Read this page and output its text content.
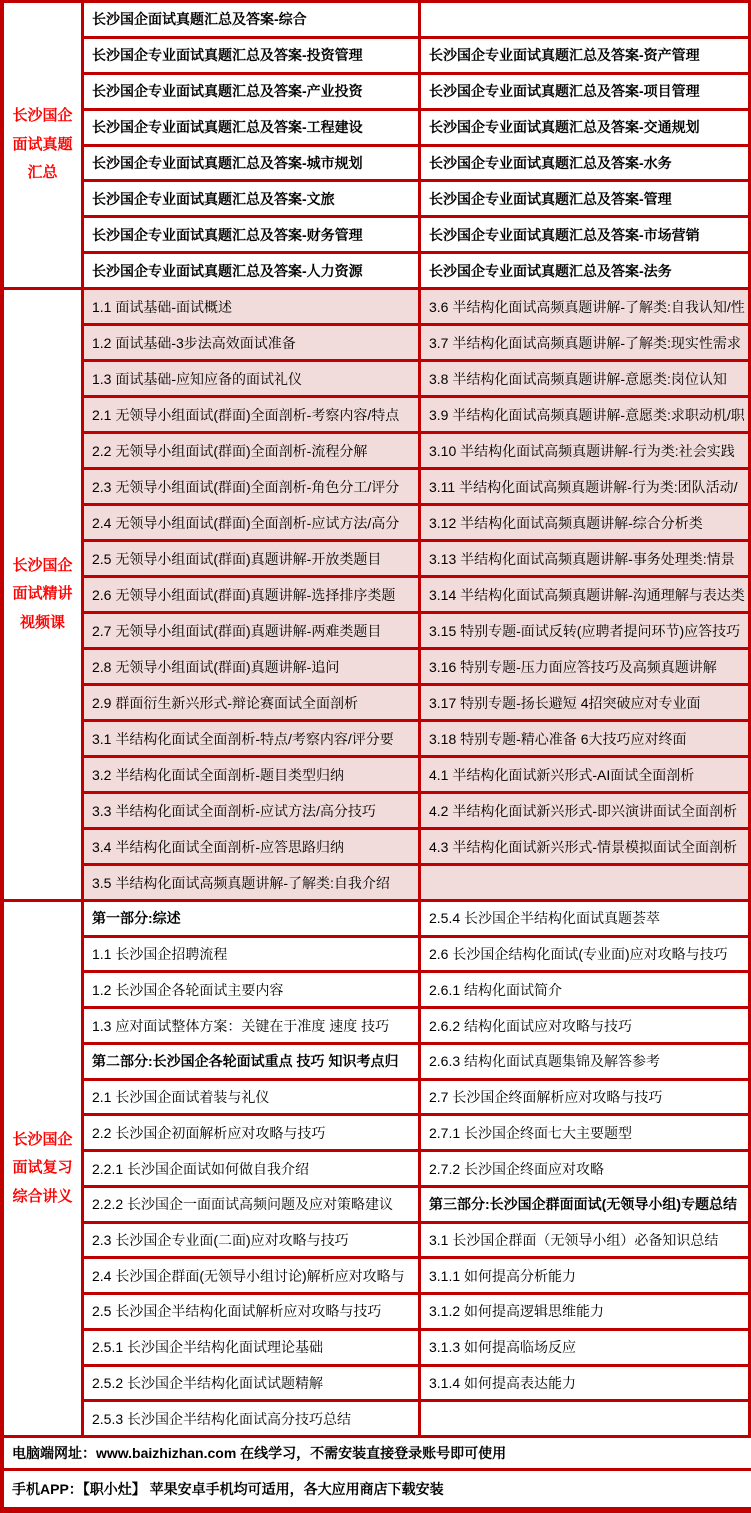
长沙国企面试真题汇总
长沙国企面试真题汇总及答案-综合
长沙国企专业面试真题汇总及答案-投资管理
长沙国企专业面试真题汇总及答案-产业投资
长沙国企专业面试真题汇总及答案-工程建设
长沙国企专业面试真题汇总及答案-城市规划
长沙国企专业面试真题汇总及答案-文旅
长沙国企专业面试真题汇总及答案-财务管理
长沙国企专业面试真题汇总及答案-人力资源
长沙国企专业面试真题汇总及答案-资产管理
长沙国企专业面试真题汇总及答案-项目管理
长沙国企专业面试真题汇总及答案-交通规划
长沙国企专业面试真题汇总及答案-水务
长沙国企专业面试真题汇总及答案-管理
长沙国企专业面试真题汇总及答案-市场营销
长沙国企专业面试真题汇总及答案-法务
长沙国企面试精讲视频课
1.1 面试基础-面试概述
1.2 面试基础-3步法高效面试准备
1.3 面试基础-应知应备的面试礼仪
2.1 无领导小组面试(群面)全面剖析-考察内容/特点
2.2 无领导小组面试(群面)全面剖析-流程分解
2.3 无领导小组面试(群面)全面剖析-角色分工/评分
2.4 无领导小组面试(群面)全面剖析-应试方法/高分
2.5 无领导小组面试(群面)真题讲解-开放类题目
2.6 无领导小组面试(群面)真题讲解-选择排序类题
2.7 无领导小组面试(群面)真题讲解-两难类题目
2.8 无领导小组面试(群面)真题讲解-追问
2.9 群面衍生新兴形式-辩论赛面试全面剖析
3.1 半结构化面试全面剖析-特点/考察内容/评分要
3.2 半结构化面试全面剖析-题目类型归纳
3.3 半结构化面试全面剖析-应试方法/高分技巧
3.4 半结构化面试全面剖析-应答思路归纳
3.5 半结构化面试高频真题讲解-了解类:自我介绍
3.6 半结构化面试高频真题讲解-了解类:自我认知/性
3.7 半结构化面试高频真题讲解-了解类:现实性需求
3.8 半结构化面试高频真题讲解-意愿类:岗位认知
3.9 半结构化面试高频真题讲解-意愿类:求职动机/职
3.10 半结构化面试高频真题讲解-行为类:社会实践
3.11 半结构化面试高频真题讲解-行为类:团队活动/
3.12 半结构化面试高频真题讲解-综合分析类
3.13 半结构化面试高频真题讲解-事务处理类:情景
3.14 半结构化面试高频真题讲解-沟通理解与表达类
3.15 特别专题-面试反转(应聘者提问环节)应答技巧
3.16 特别专题-压力面应答技巧及高频真题讲解
3.17 特别专题-扬长避短 4招突破应对专业面
3.18 特别专题-精心准备 6大技巧应对终面
4.1 半结构化面试新兴形式-AI面试全面剖析
4.2 半结构化面试新兴形式-即兴演讲面试全面剖析
4.3 半结构化面试新兴形式-情景模拟面试全面剖析
长沙国企面试复习综合讲义
第一部分:综述
1.1 长沙国企招聘流程
1.2 长沙国企各轮面试主要内容
1.3 应对面试整体方案：关键在于准度 速度 技巧
第二部分:长沙国企各轮面试重点 技巧 知识考点归
2.1 长沙国企面试着装与礼仪
2.2 长沙国企初面解析应对攻略与技巧
2.2.1 长沙国企面试如何做自我介绍
2.2.2 长沙国企一面面试高频问题及应对策略建议
2.3 长沙国企专业面(二面)应对攻略与技巧
2.4 长沙国企群面(无领导小组讨论)解析应对攻略与
2.5 长沙国企半结构化面试解析应对攻略与技巧
2.5.1 长沙国企半结构化面试理论基础
2.5.2 长沙国企半结构化面试试题精解
2.5.3 长沙国企半结构化面试高分技巧总结
2.5.4 长沙国企半结构化面试真题荟萃
2.6 长沙国企结构化面试(专业面)应对攻略与技巧
2.6.1 结构化面试简介
2.6.2 结构化面试应对攻略与技巧
2.6.3 结构化面试真题集锦及解答参考
2.7 长沙国企终面解析应对攻略与技巧
2.7.1 长沙国企终面七大主要题型
2.7.2 长沙国企终面应对攻略
第三部分:长沙国企群面面试(无领导小组)专题总结
3.1 长沙国企群面（无领导小组）必备知识总结
3.1.1 如何提高分析能力
3.1.2 如何提高逻辑思维能力
3.1.3 如何提高临场反应
3.1.4 如何提高表达能力
电脑端网址：www.baizhizhan.com 在线学习，不需安装直接登录账号即可使用
手机APP：【职小灶】 苹果安卓手机均可适用，各大应用商店下载安装
